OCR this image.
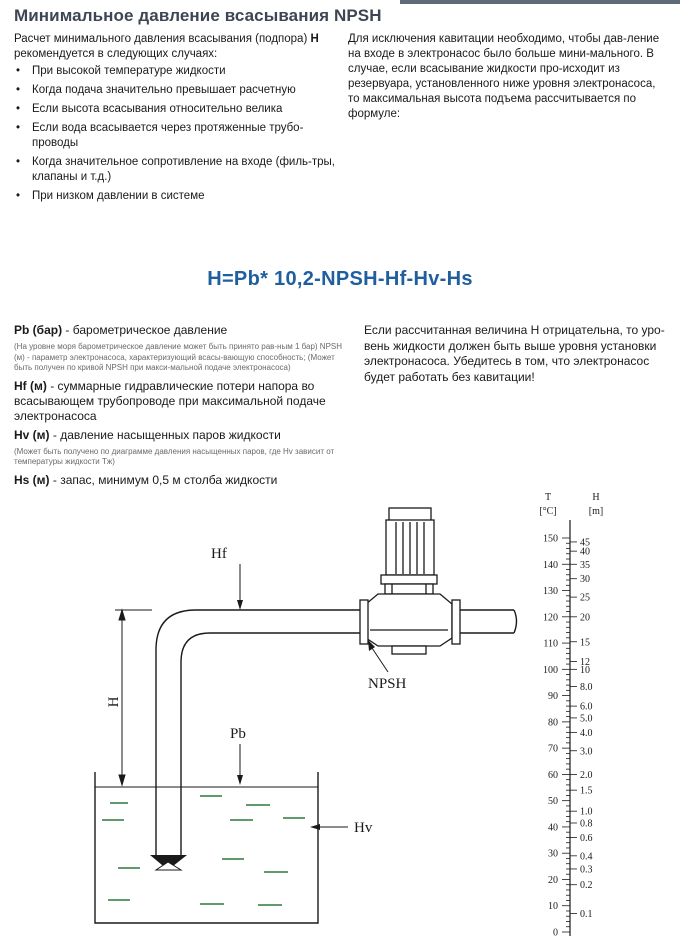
Минимальное давление всасывания NPSH

Расчет минимального давления всасывания (подпора) H
рекомендуется в следующих случаях:

• При высокой температуре жидкости
• Когда подача значительно превышает расчетную
• Если высота всасывания относительно велика
• Если вода всасывается через протяженные трубо-проводы
• Когда значительное сопротивление на входе (филь-тры, клапаны и т.д.)
• При низком давлении в системе
Для исключения кавитации необходимо, чтобы дав-ление на входе в электронасос было больше мини-мального. В случае, если всасывание жидкости про-исходит из резервуара, установленного ниже уровня электронасоса, то максимальная высота подъема рассчитывается по формуле:
H=Pb* 10,2-NPSH-Hf-Hv-Hs
Pb (бар) - барометрическое давление
(На уровне моря барометрическое давление может быть принято рав-ным 1 бар) NPSH (м) - параметр электронасоса, характеризующий всасы-вающую способность; (Может быть получен по кривой NPSH при макси-мальной подаче электронасоса)
Hf (м) - суммарные гидравлические потери напора во всасывающем трубопроводе при максимальной подаче электронасоса
Hv (м) - давление насыщенных паров жидкости
(Может быть получено по диаграмме давления насыщенных паров, где Hv зависит от температуры жидкости Tж)
Hs (м) - запас, минимум 0,5 м столба жидкости
Если рассчитанная величина H отрицательна, то уро-вень жидкости должен быть выше уровня установки электронасоса. Убедитесь в том, что электронасос будет работать без кавитации!
H
Hf
Pb
Hv
NPSH
T	H
[°C]	[m]
150
140
130
120
110
100
90
80
70
60
50
40
30
20
10
0
45
40
35
30
25
20
15
12
10
8.0
6.0
5.0
4.0
3.0
2.0
1.5
1.0
0.8
0.6
0.4
0.3
0.2
0.1
